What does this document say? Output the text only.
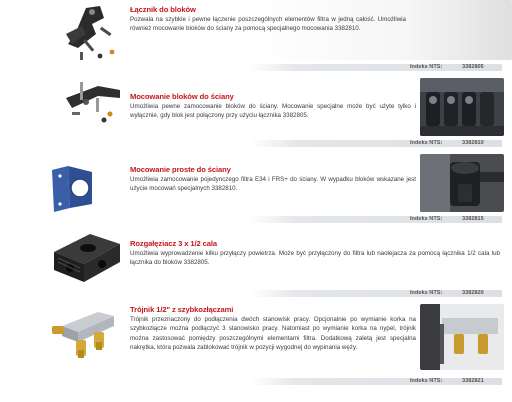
Łącznik do bloków
Pozwala na szybkie i pewne łączenie poszczególnych elementów filtra w jedną całość. Umożliwia również mocowanie bloków do ściany za pomocą specjalnego mocowania 3382810.
Indeks NTS:	3382805
Mocowanie bloków do ściany
Umożliwia pewne zamocowanie bloków do ściany. Mocowanie specjalne może być użyte tylko i wyłącznie, gdy blok jest połączony przy użyciu łącznika 3382805.
Indeks NTS:	3382810
Mocowanie proste do ściany
Umożliwia zamocowanie pojedynczego filtra E34 i FRS+ do ściany. W wypadku bloków wskazane jest użycie mocowań specjalnych 3382810.
Indeks NTS:	3382815
Rozgałęziacz 3 x 1/2 cala
Umożliwia wyprowadzenie kilku przyłączy powietrza. Może być przyłączony do filtra lub naolejacza za pomocą łącznika 1/2 cala lub łącznika do bloków 3382805.
Indeks NTS:	3382820
Trójnik 1/2" z szybkozłączami
Trójnik przeznaczony do podłączenia dwóch stanowisk pracy. Opcjonalnie po wymianie korka na szybkozłącze można podłączyć 3 stanowisko pracy. Natomiast po wymianie korka na nypel, trójnik można zastosować pomiędzy poszczególnymi elementami filtra. Dodatkową zaletą jest specjalna nakrętka, która pozwala zablokować trójnik w pozycji wygodnej do wypinania węży.
Indeks NTS:	3382821
